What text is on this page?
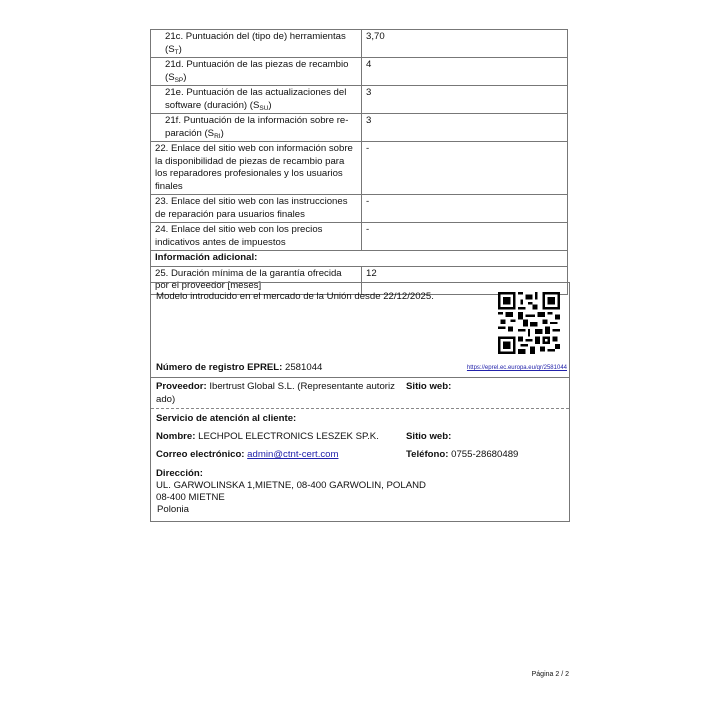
21c. Puntuación del (tipo de) herramientas $(S_T)$	3,70
21d. Puntuación de las piezas de recambio $(S_{SP})$	4
21e. Puntuación de las actualizaciones del software (duración) $(S_{SU})$	3
21f. Puntuación de la información sobre re-paración $(S_{RI})$	3
22. Enlace del sitio web con información sobre la disponibilidad de piezas de recambio para los reparadores profesionales y los usuarios finales	-
23. Enlace del sitio web con las instrucciones de reparación para usuarios finales	-
24. Enlace del sitio web con los precios indicativos antes de impuestos	-
Información adicional:	
25. Duración mínima de la garantía ofrecida por el proveedor [meses]	12
Modelo introducido en el mercado de la Unión desde 22/12/2025.
Número de registro EPREL: 2581044	https://eprel.ec.europa.eu/qr/2581044
Proveedor: Ibertrust Global S.L. (Representante autoriz ado)
Sitio web:
Servicio de atención al cliente:
Nombre: LECHPOL ELECTRONICS LESZEK SP.K.	Sitio web:
Correo electrónico: admin@ctnt-cert.com	Teléfono: 0755-28680489
Dirección:
UL. GARWOLINSKA 1,MIETNE, 08-400 GARWOLIN, POLAND
08-400 MIETNE
Polonia
Página 2 / 2
